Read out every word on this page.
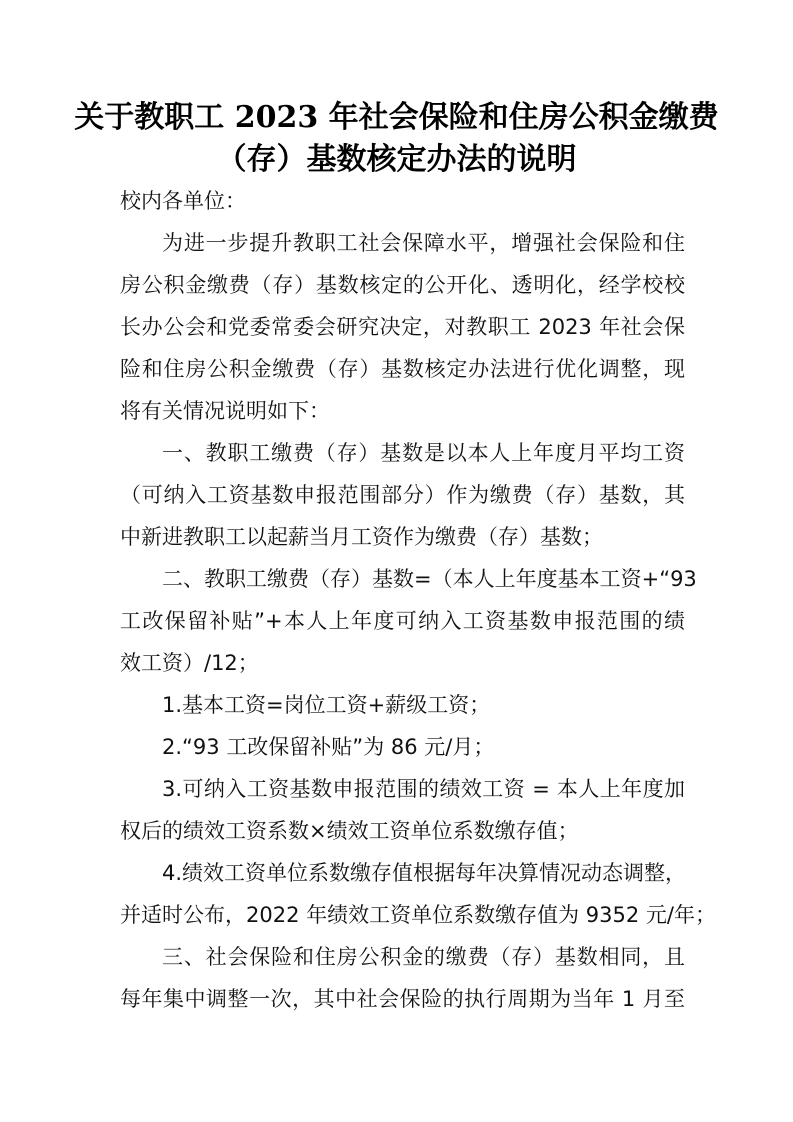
关于教职工 2023 年社会保险和住房公积金缴费
（存）基数核定办法的说明
校内各单位：
为进一步提升教职工社会保障水平，增强社会保险和住
房公积金缴费（存）基数核定的公开化、透明化，经学校校
长办公会和党委常委会研究决定，对教职工 2023 年社会保
险和住房公积金缴费（存）基数核定办法进行优化调整，现
将有关情况说明如下：
一、教职工缴费（存）基数是以本人上年度月平均工资
（可纳入工资基数申报范围部分）作为缴费（存）基数，其
中新进教职工以起薪当月工资作为缴费（存）基数；
二、教职工缴费（存）基数=（本人上年度基本工资+“93
工改保留补贴”+本人上年度可纳入工资基数申报范围的绩
效工资）/12；
1.基本工资=岗位工资+薪级工资；
2.“93 工改保留补贴”为 86 元/月；
3.可纳入工资基数申报范围的绩效工资 = 本人上年度加
权后的绩效工资系数×绩效工资单位系数缴存值；
4.绩效工资单位系数缴存值根据每年决算情况动态调整，
并适时公布，2022 年绩效工资单位系数缴存值为 9352 元/年；
三、社会保险和住房公积金的缴费（存）基数相同，且
每年集中调整一次，其中社会保险的执行周期为当年 1 月至
